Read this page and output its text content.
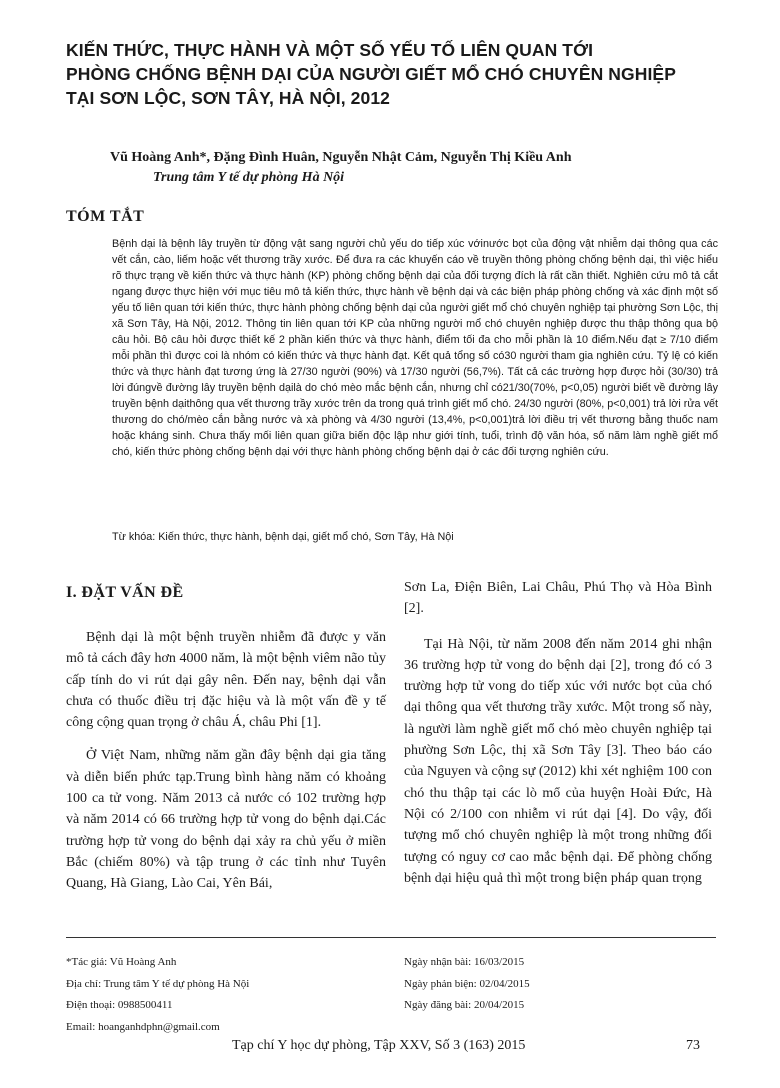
KIẾN THỨC, THỰC HÀNH VÀ MỘT SỐ YẾU TỐ LIÊN QUAN TỚI
PHÒNG CHỐNG BỆNH DẠI CỦA NGƯỜI GIẾT MỔ CHÓ CHUYÊN NGHIỆP
TẠI SƠN LỘC, SƠN TÂY, HÀ NỘI, 2012
Vũ Hoàng Anh*, Đặng Đình Huân, Nguyễn Nhật Cảm, Nguyễn Thị Kiều Anh
Trung tâm Y tế dự phòng Hà Nội
TÓM TẮT

Bệnh dại là bệnh lây truyền từ động vật sang người chủ yếu do tiếp xúc vớinước bọt của động vật nhiễm dại thông qua các vết cắn, cào, liếm hoặc vết thương trầy xước. Để đưa ra các khuyến cáo về truyền thông phòng chống bệnh dại, thì việc hiểu rõ thực trạng về kiến thức và thực hành (KP) phòng chống bệnh dại của đối tượng đích là rất cần thiết. Nghiên cứu mô tả cắt ngang được thực hiện với mục tiêu mô tả kiến thức, thực hành về bệnh dại và các biện pháp phòng chống và xác định một số yếu tố liên quan tới kiến thức, thực hành phòng chống bệnh dại của người giết mổ chó chuyên nghiệp tại phường Sơn Lộc, thị xã Sơn Tây, Hà Nội, 2012. Thông tin liên quan tới KP của những người mổ chó chuyên nghiệp được thu thập thông qua bộ câu hỏi. Bộ câu hỏi được thiết kế 2 phần kiến thức và thực hành, điểm tối đa cho mỗi phần là 10 điểm.Nếu đạt ≥ 7/10 điểm mỗi phần thì được coi là nhóm có kiến thức và thực hành đạt. Kết quả tổng số có30 người tham gia nghiên cứu. Tỷ lệ có kiến thức và thực hành đạt tương ứng là 27/30 người (90%) và 17/30 người (56,7%). Tất cả các trường hợp được hỏi (30/30) trả lời đúngvề đường lây truyền bệnh dạilà do chó mèo mắc bệnh cắn, nhưng chỉ có21/30(70%, p<0,05) người biết về đường lây truyền bệnh dạithông qua vết thương trầy xước trên da trong quá trình giết mổ chó. 24/30 người (80%, p<0,001) trả lời rửa vết thương do chó/mèo cắn bằng nước và xà phòng và 4/30 người (13,4%, p<0,001)trả lời điều trị vết thương bằng thuốc nam hoặc kháng sinh. Chưa thấy mối liên quan giữa biến độc lập như giới tính, tuổi, trình độ văn hóa, số năm làm nghề giết mổ chó, kiến thức phòng chống bệnh dại với thực hành phòng chống bệnh dại ở các đối tượng nghiên cứu.

Từ khóa: Kiến thức, thực hành, bệnh dại, giết mổ chó, Sơn Tây, Hà Nội
I. ĐẶT VẤN ĐỀ

Bệnh dại là một bệnh truyền nhiễm đã được y văn mô tả cách đây hơn 4000 năm, là một bệnh viêm não tủy cấp tính do vi rút dại gây nên. Đến nay, bệnh dại vẫn chưa có thuốc điều trị đặc hiệu và là một vấn đề y tế công cộng quan trọng ở châu Á, châu Phi [1].

Ở Việt Nam, những năm gần đây bệnh dại gia tăng và diễn biến phức tạp.Trung bình hàng năm có khoảng 100 ca tử vong. Năm 2013 cả nước có 102 trường hợp và năm 2014 có 66 trường hợp tử vong do bệnh dại.Các trường hợp tử vong do bệnh dại xảy ra chủ yếu ở miền Bắc (chiếm 80%) và tập trung ở các tỉnh như Tuyên Quang, Hà Giang, Lào Cai, Yên Bái,

Sơn La, Điện Biên, Lai Châu, Phú Thọ và Hòa Bình [2].

Tại Hà Nội, từ năm 2008 đến năm 2014 ghi nhận 36 trường hợp tử vong do bệnh dại [2], trong đó có 3 trường hợp tử vong do tiếp xúc với nước bọt của chó dại thông qua vết thương trầy xước. Một trong số này, là người làm nghề giết mổ chó mèo chuyên nghiệp tại phường Sơn Lộc, thị xã Sơn Tây [3]. Theo báo cáo của Nguyen và cộng sự (2012) khi xét nghiệm 100 con chó thu thập tại các lò mổ của huyện Hoài Đức, Hà Nội có 2/100 con nhiễm vi rút dại [4]. Do vậy, đối tượng mổ chó chuyên nghiệp là một trong những đối tượng có nguy cơ cao mắc bệnh dại. Để phòng chống bệnh dại hiệu quả thì một trong biện pháp quan trọng

*Tác giả: Vũ Hoàng Anh
Địa chỉ: Trung tâm Y tế dự phòng Hà Nội
Điện thoại: 0988500411
Email: hoanganhdphn@gmail.com
Ngày nhận bài: 16/03/2015
Ngày phản biện: 02/04/2015
Ngày đăng bài: 20/04/2015
Tạp chí Y học dự phòng, Tập XXV, Số 3 (163) 2015	73
